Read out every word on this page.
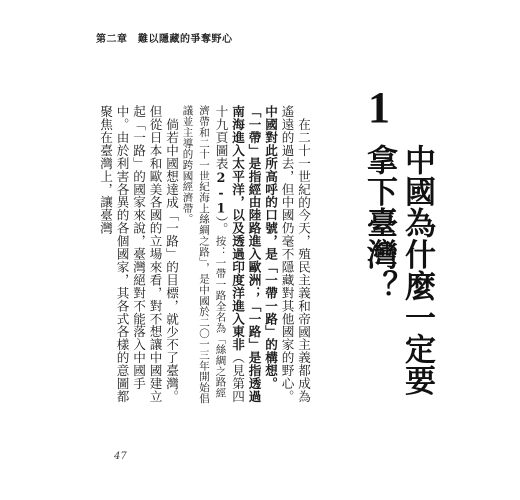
第二章　難以隱藏的爭奪野心
1
中國為什麼一定要拿下臺灣？

在二十一世紀的今天，殖民主義和帝國主義都成為遙遠的過去，但中國仍毫不隱藏對其他國家的野心。中國對此所高呼的口號，是「一帶一路」的構想。「一帶」是指經由陸路進入歐洲；「一路」是指透過南海進入太平洋，以及透過印度洋進入東非（見第四十九頁圖表2-1）。按：一帶一路全名為「絲綢之路經濟帶和二十一世紀海上絲綢之路」，是中國於二〇一三年開始倡議並主導的跨國經濟帶。

倘若中國想達成「一路」的目標，就少不了臺灣。但從日本和歐美各國的立場來看，對不想讓中國建立起「一路」的國家來說，臺灣絕對不能落入中國手中。由於利害各異的各個國家，其各式各樣的意圖都聚焦在臺灣上，讓臺灣

47
